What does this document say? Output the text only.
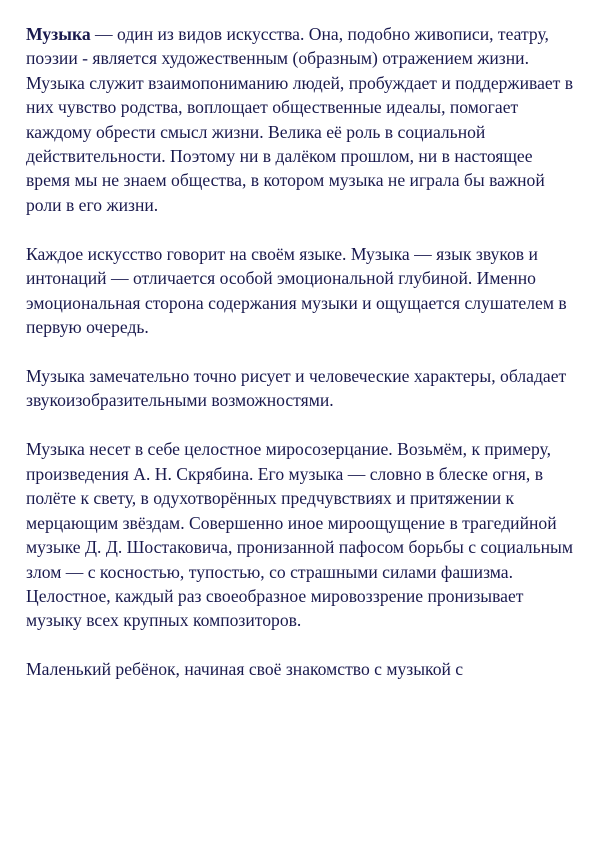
Музыка — один из видов искусства. Она, подобно живописи, театру, поэзии - является художественным (образным) отражением жизни. Музыка служит взаимопониманию людей, пробуждает и поддерживает в них чувство родства, воплощает общественные идеалы, помогает каждому обрести смысл жизни. Велика её роль в социальной действительности. Поэтому ни в далёком прошлом, ни в настоящее время мы не знаем общества, в котором музыка не играла бы важной роли в его жизни.

Каждое искусство говорит на своём языке. Музыка — язык звуков и интонаций — отличается особой эмоциональной глубиной. Именно эмоциональная сторона содержания музыки и ощущается слушателем в первую очередь.

Музыка замечательно точно рисует и человеческие характеры, обладает звукоизобразительными возможностями.

Музыка несет в себе целостное миросозерцание. Возьмём, к примеру, произведения А. Н. Скрябина. Его музыка — словно в блеске огня, в полёте к свету, в одухотворённых предчувствиях и притяжении к мерцающим звёздам. Совершенно иное мироощущение в трагедийной музыке Д. Д. Шостаковича, пронизанной пафосом борьбы с социальным злом — с косностью, тупостью, со страшными силами фашизма. Целостное, каждый раз своеобразное мировоззрение пронизывает музыку всех крупных композиторов.

Маленький ребёнок, начиная своё знакомство с музыкой с
